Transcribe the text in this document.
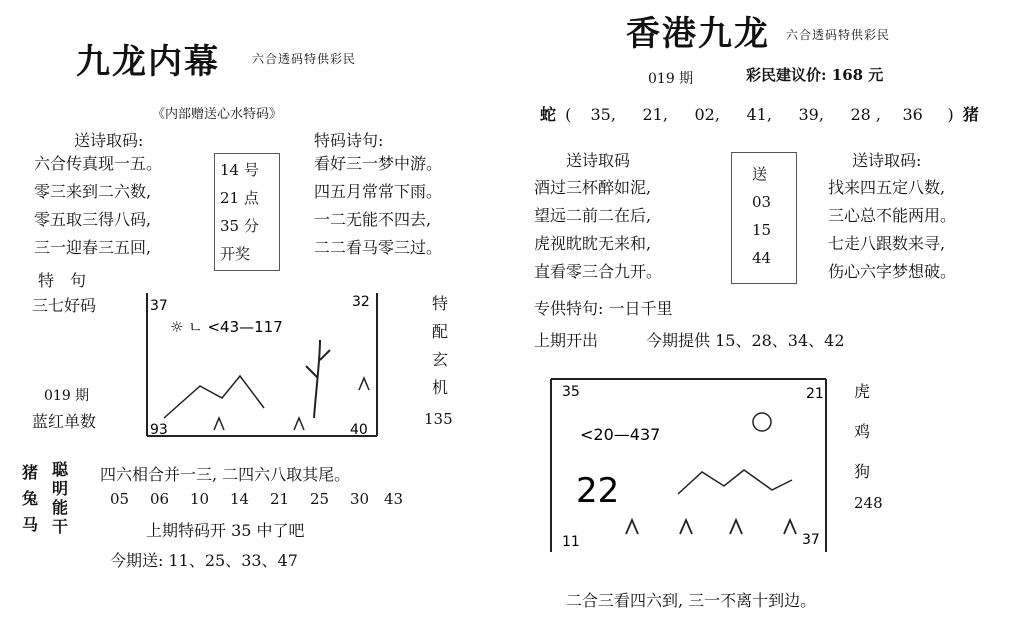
九龙内幕	六合透码特供彩民
《内部赠送心水特码》
送诗取码:
六合传真现一五。
零三来到二六数,
零五取三得八码,
三一迎春三五回,
14 号
21 点
35 分
开奖
特码诗句:
看好三一梦中游。
四五月常常下雨。
一二无能不四去,
二二看马零三过。
特　句
三七好码
019 期
蓝红单数
37	32
93	40
☼ ㄴ <43—117
特
配
玄
机
135
猪
兔
马
聪
明
能
干
四六相合并一三, 二四六八取其尾。
05 06 10 14 21 25 30 43
上期特码开 35 中了吧
今期送: 11、25、33、47
香港九龙 六合透码特供彩民
019 期	彩民建议价: 168 元
蛇 ( 35, 21, 02, 41, 39, 28 , 36 ) 猪
送诗取码
酒过三杯醉如泥,
望远二前二在后,
虎视眈眈无来和,
直看零三合九开。
送
03
15
44
送诗取码:
找来四五定八数,
三心总不能两用。
七走八跟数来寻,
伤心六字梦想破。
专供特句: 一日千里
上期开出	今期提供 15、28、34、42
35	21
11	37
<20—437
22
虎
鸡
狗
248
二合三看四六到, 三一不离十到边。
